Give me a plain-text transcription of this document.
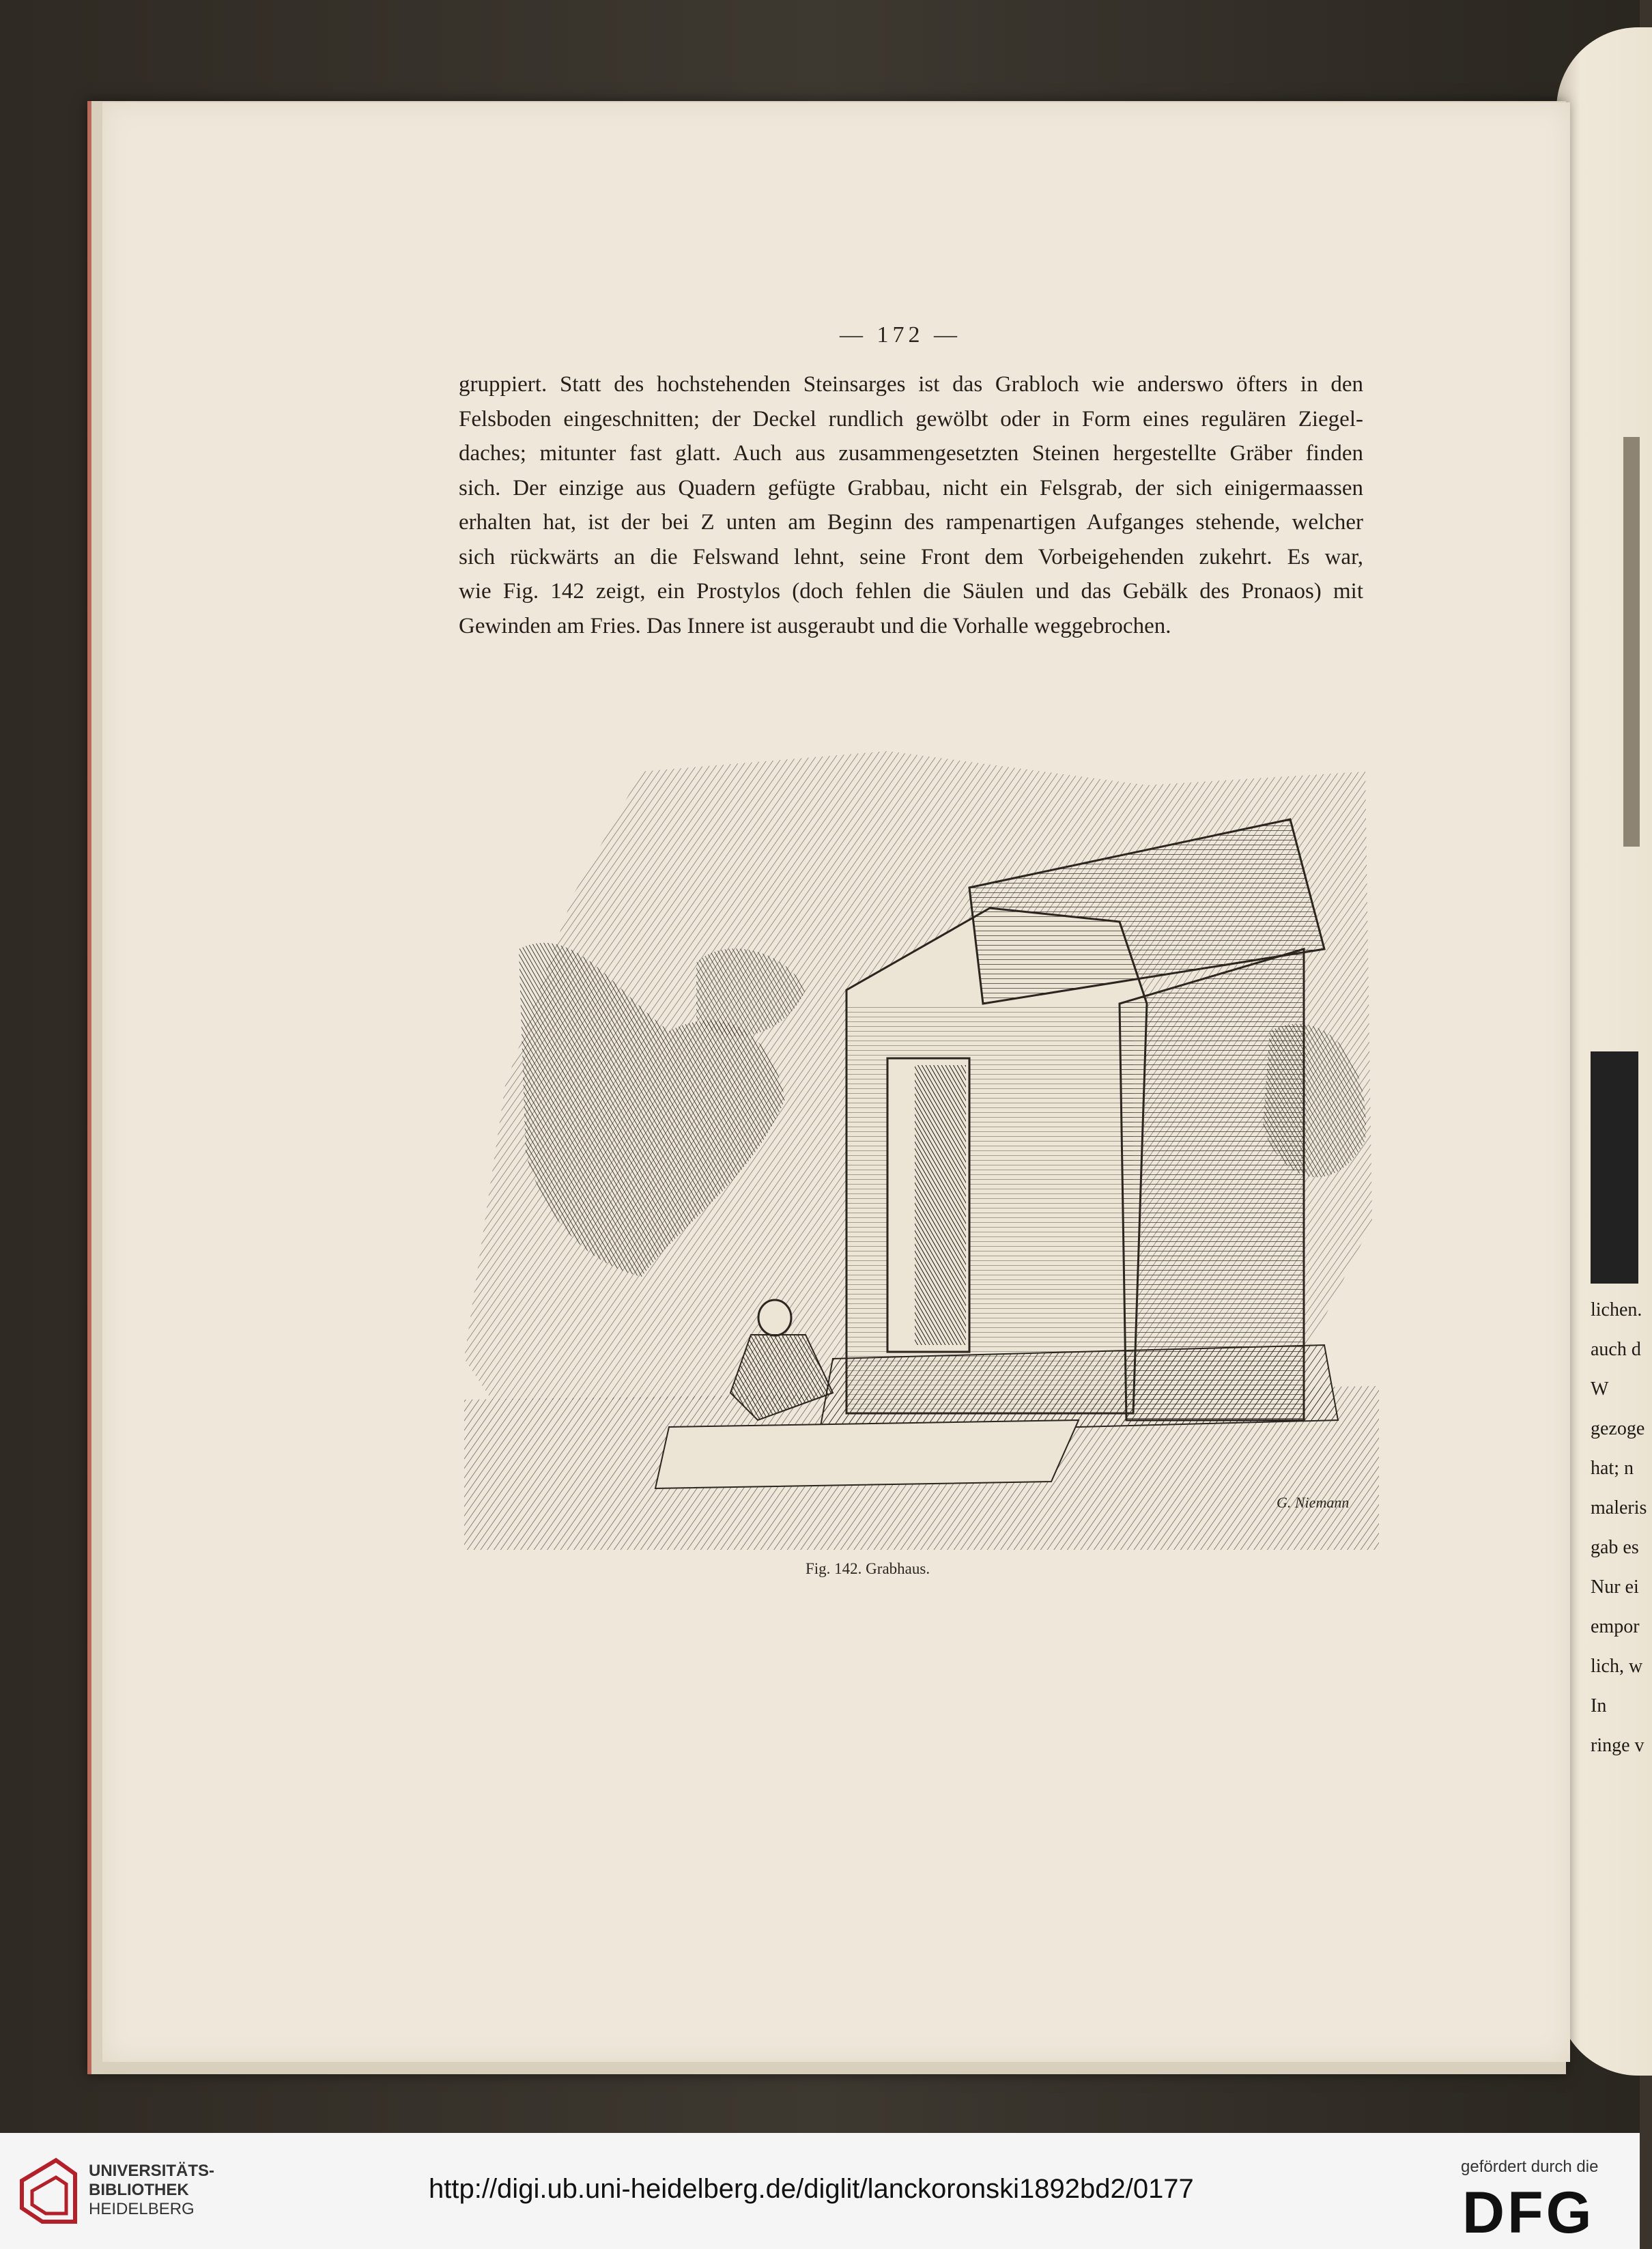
lichen.
auch d
W
gezoge
hat; n
maleris
gab es
Nur ei
empor
lich, w
In
ringe v
— 172 —
gruppiert. Statt des hochstehenden Steinsarges ist das Grabloch wie anderswo öfters in den
Felsboden eingeschnitten; der Deckel rundlich gewölbt oder in Form eines regulären Ziegel-
daches; mitunter fast glatt. Auch aus zusammengesetzten Steinen hergestellte Gräber finden
sich. Der einzige aus Quadern gefügte Grabbau, nicht ein Felsgrab, der sich einigermaassen
erhalten hat, ist der bei Z unten am Beginn des rampenartigen Aufganges stehende, welcher
sich rückwärts an die Felswand lehnt, seine Front dem Vorbeigehenden zukehrt. Es war,
wie Fig. 142 zeigt, ein Prostylos (doch fehlen die Säulen und das Gebälk des Pronaos) mit
Gewinden am Fries. Das Innere ist ausgeraubt und die Vorhalle weggebrochen.
G. Niemann
Fig. 142. Grabhaus.
UNIVERSITÄTS-
BIBLIOTHEK
HEIDELBERG
http://digi.ub.uni-heidelberg.de/diglit/lanckoronski1892bd2/0177
gefördert durch die
DFG
